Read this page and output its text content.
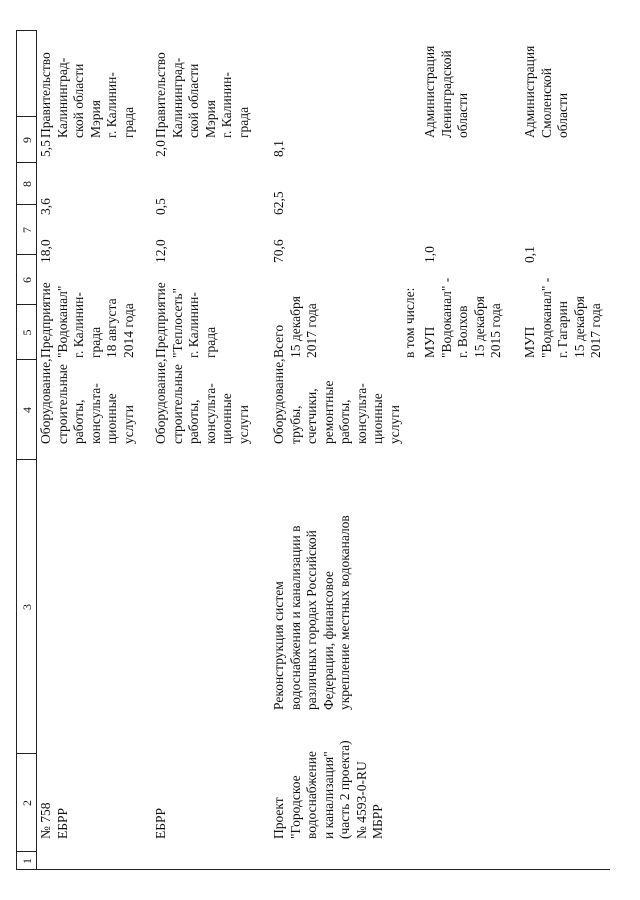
1
2
3
4
5
6
7
8
9
№ 758
ЕБРР
Оборудование,
строительные
работы,
консульта-
ционные
услуги
Предприятие
"Водоканал"
г. Калинин-
града
18 августа
2014 года
18,0
3,6
5,5
Правительство
Калининград-
ской области
Мэрия
г. Калинин-
града
ЕБРР
Оборудование,
строительные
работы,
консульта-
ционные
услуги
Предприятие
"Теплосеть"
г. Калинин-
града
12,0
0,5
2,0
Правительство
Калининград-
ской области
Мэрия
г. Калинин-
града
Проект
"Городское
водоснабжение
и канализация"
(часть 2 проекта)
№ 4593-0-RU
МБРР
Реконструкция систем
водоснабжения и канализации в
различных городах Российской
Федерации, финансовое
укрепление местных водоканалов
Оборудование,
трубы,
счетчики,
ремонтные
работы,
консульта-
ционные
услуги
Всего
15 декабря
2017 года
70,6
62,5
8,1
в том числе: МУП
"Водоканал" -
г. Волхов
15 декабря
2015 года
1,0
Администрация
Ленинградской
области
МУП
"Водоканал" -
г. Гагарин
15 декабря
2017 года
0,1
Администрация
Смоленской
области
